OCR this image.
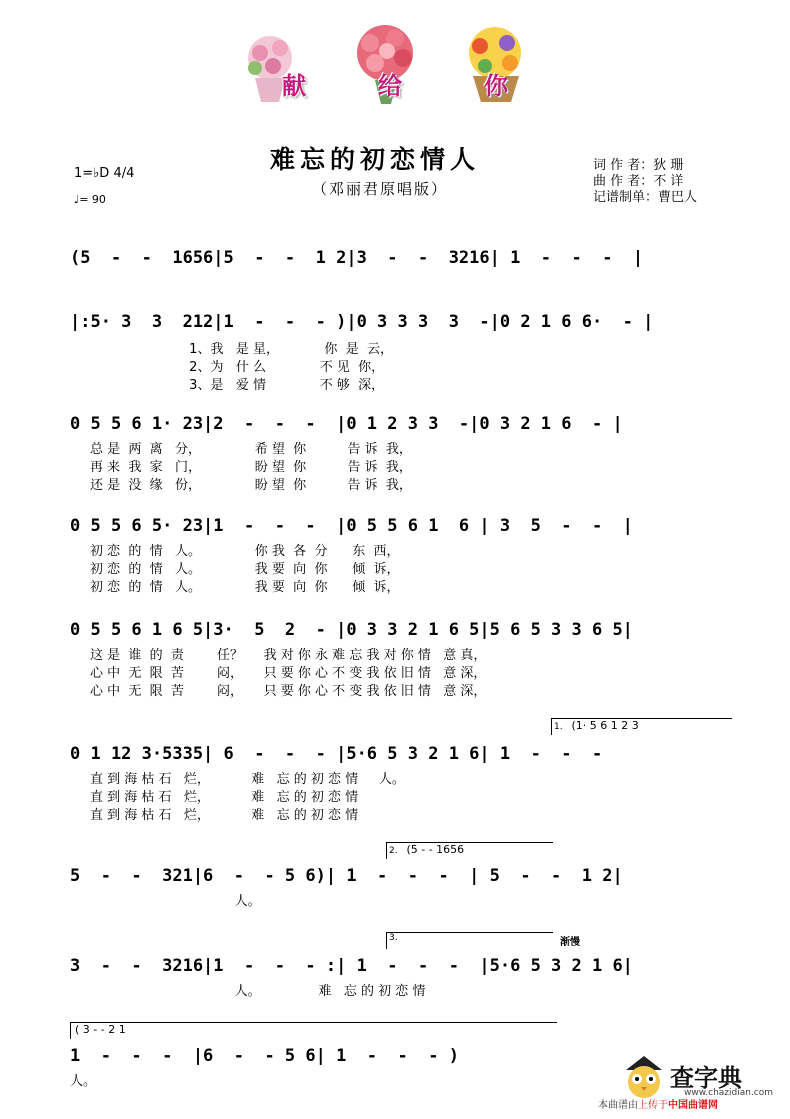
献	给	你
难忘的初恋情人
（邓丽君原唱版）
词 作 者：狄 珊
曲 作 者：不 详
记谱制单：曹巴人
1=♭D 4/4
♩= 90
(5  -  -  1656|5  -  -  1 2|3  -  -  3216| 1  -  -  -  |
|:5· 3  3  212|1  -  -  - )|0 3 3 3  3  -|0 2 1 6 6·  - |
1、我   是 星，           你  是  云，
2、为   什 么             不 见  你，
3、是   爱 情             不 够  深，
0 5 5 6 1· 23|2  -  -  -  |0 1 2 3 3  -|0 3 2 1 6  - |
总 是  两  离   分，             希 望  你          告 诉  我，
再 来  我  家   门，             盼 望  你          告 诉  我，
还 是  没  缘   份，             盼 望  你          告 诉  我，
0 5 5 6 5· 23|1  -  -  -  |0 5 5 6 1  6 | 3  5  -  -  |
初 恋  的  情   人。             你 我  各  分      东  西，
初 恋  的  情   人。             我 要  向  你      倾  诉，
初 恋  的  情   人。             我 要  向  你      倾  诉，
0 5 5 6 1 6 5|3·  5  2  - |0 3 3 2 1 6 5|5 6 5 3 3 6 5|
这 是  谁  的  责        任？     我 对 你 永 难 忘 我 对 你 情   意 真，
心 中  无  限  苦        闷，     只 要 你 心 不 变 我 依 旧 情   意 深，
心 中  无  限  苦        闷，     只 要 你 心 不 变 我 依 旧 情   意 深，
1. (1· 5 6 1 2 3
0 1 12 3·5335| 6  -  -  - |5·6 5 3 2 1 6| 1  -  -  -
直 到 海 枯 石   烂，          难   忘 的 初 恋 情     人。
直 到 海 枯 石   烂，          难   忘 的 初 恋 情
直 到 海 枯 石   烂，          难   忘 的 初 恋 情
2. (5 - - 1656
5  -  -  321|6  -  - 5 6)| 1  -  -  -  | 5  -  -  1 2|
人。
3.	渐慢
3  -  -  3216|1  -  -  - :| 1  -  -  -  |5·6 5 3 2 1 6|
人。              难   忘 的 初 恋 情
( 3 - - 2 1
1  -  -  -  |6  -  - 5 6| 1  -  -  - )
人。	查字典
www.chazidian.com
本曲谱由上传于中国曲谱网
